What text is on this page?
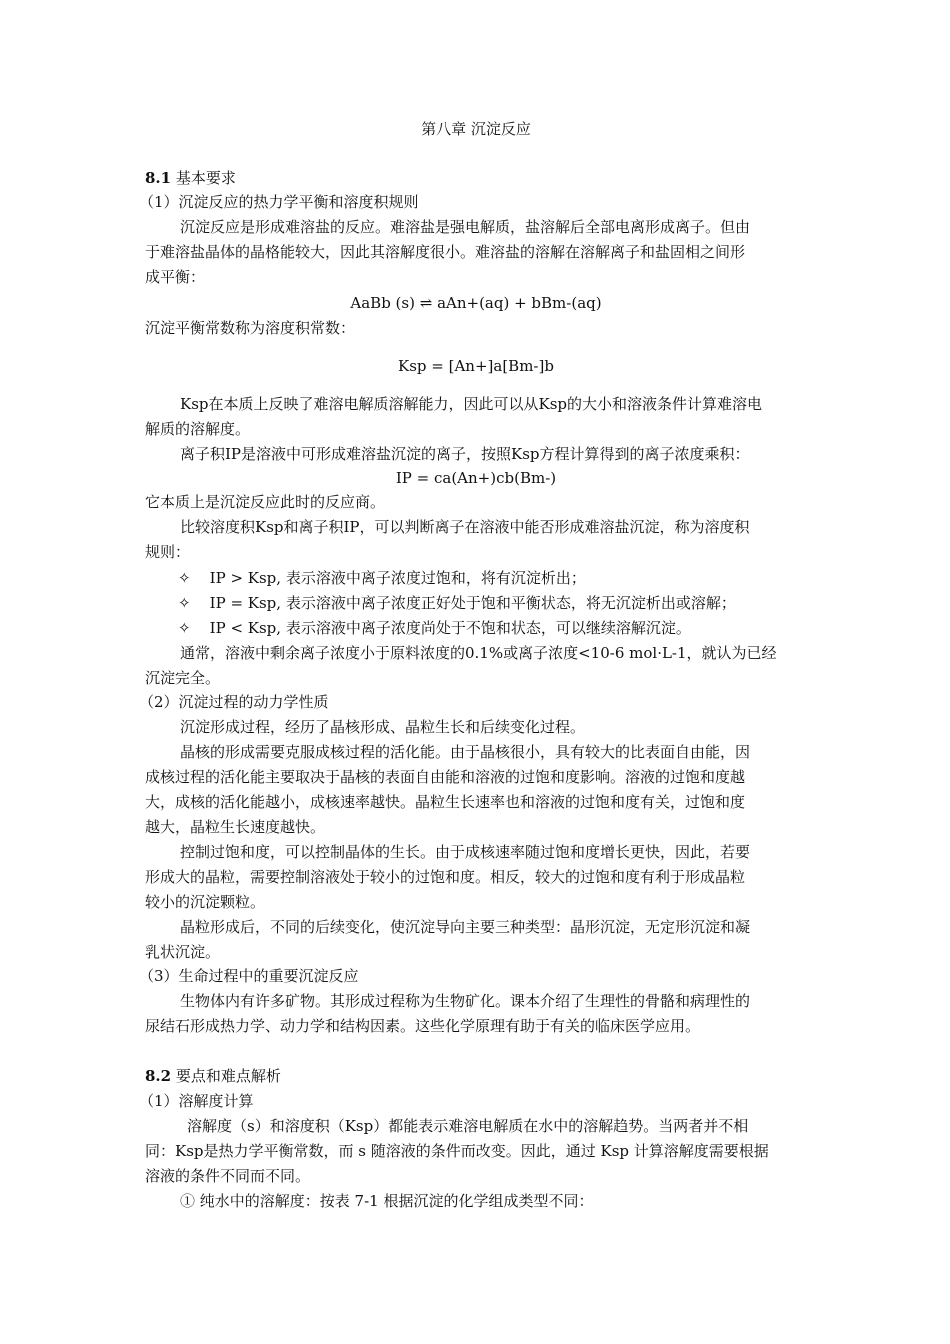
第八章 沉淀反应
8.1 基本要求
（1）沉淀反应的热力学平衡和溶度积规则
沉淀反应是形成难溶盐的反应。难溶盐是强电解质，盐溶解后全部电离形成离子。但由
于难溶盐晶体的晶格能较大，因此其溶解度很小。难溶盐的溶解在溶解离子和盐固相之间形
成平衡：
AaBb (s) ⇌ aAn+(aq) + bBm-(aq)
沉淀平衡常数称为溶度积常数：
Ksp = [An+]a[Bm-]b
Ksp在本质上反映了难溶电解质溶解能力，因此可以从Ksp的大小和溶液条件计算难溶电
解质的溶解度。
离子积IP是溶液中可形成难溶盐沉淀的离子，按照Ksp方程计算得到的离子浓度乘积：
IP = ca(An+)cb(Bm-)
它本质上是沉淀反应此时的反应商。
比较溶度积Ksp和离子积IP，可以判断离子在溶液中能否形成难溶盐沉淀，称为溶度积
规则：
✧ IP > Ksp, 表示溶液中离子浓度过饱和，将有沉淀析出；
✧ IP = Ksp, 表示溶液中离子浓度正好处于饱和平衡状态，将无沉淀析出或溶解；
✧ IP < Ksp, 表示溶液中离子浓度尚处于不饱和状态，可以继续溶解沉淀。
通常，溶液中剩余离子浓度小于原料浓度的0.1%或离子浓度<10-6 mol·L-1，就认为已经
沉淀完全。
（2）沉淀过程的动力学性质
沉淀形成过程，经历了晶核形成、晶粒生长和后续变化过程。
晶核的形成需要克服成核过程的活化能。由于晶核很小，具有较大的比表面自由能，因
成核过程的活化能主要取决于晶核的表面自由能和溶液的过饱和度影响。溶液的过饱和度越
大，成核的活化能越小，成核速率越快。晶粒生长速率也和溶液的过饱和度有关，过饱和度
越大，晶粒生长速度越快。
控制过饱和度，可以控制晶体的生长。由于成核速率随过饱和度增长更快，因此，若要
形成大的晶粒，需要控制溶液处于较小的过饱和度。相反，较大的过饱和度有利于形成晶粒
较小的沉淀颗粒。
晶粒形成后，不同的后续变化，使沉淀导向主要三种类型：晶形沉淀，无定形沉淀和凝
乳状沉淀。
（3）生命过程中的重要沉淀反应
生物体内有许多矿物。其形成过程称为生物矿化。课本介绍了生理性的骨骼和病理性的
尿结石形成热力学、动力学和结构因素。这些化学原理有助于有关的临床医学应用。
8.2 要点和难点解析
（1）溶解度计算
溶解度（s）和溶度积（Ksp）都能表示难溶电解质在水中的溶解趋势。当两者并不相
同：Ksp是热力学平衡常数，而 s 随溶液的条件而改变。因此，通过 Ksp 计算溶解度需要根据
溶液的条件不同而不同。
① 纯水中的溶解度：按表 7-1 根据沉淀的化学组成类型不同：
